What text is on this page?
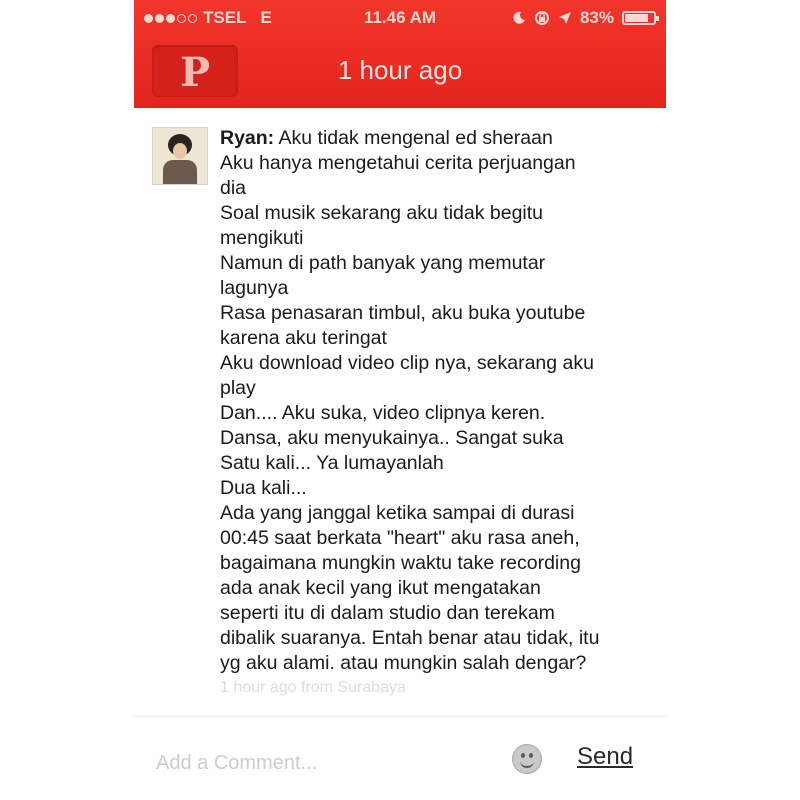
TSEL E	11.46 AM	83%
P	1 hour ago
Ryan: Aku tidak mengenal ed sheraan
Aku hanya mengetahui cerita perjuangan
dia
Soal musik sekarang aku tidak begitu
mengikuti
Namun di path banyak yang memutar
lagunya
Rasa penasaran timbul, aku buka youtube
karena aku teringat
Aku download video clip nya, sekarang aku
play
Dan.... Aku suka, video clipnya keren.
Dansa, aku menyukainya.. Sangat suka
Satu kali... Ya lumayanlah
Dua kali...
Ada yang janggal ketika sampai di durasi
00:45 saat berkata "heart" aku rasa aneh,
bagaimana mungkin waktu take recording
ada anak kecil yang ikut mengatakan
seperti itu di dalam studio dan terekam
dibalik suaranya. Entah benar atau tidak, itu
yg aku alami. atau mungkin salah dengar?
1 hour ago from Surabaya
Add a Comment...
Send
